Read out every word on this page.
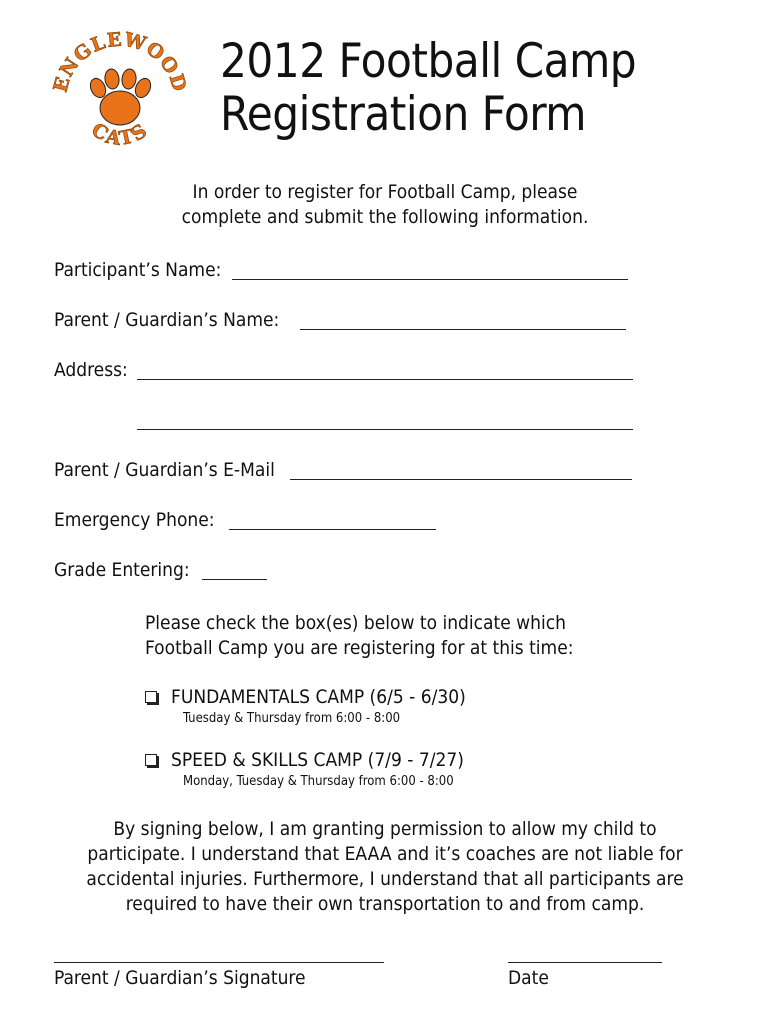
ENGLEWOOD
CATS
2012 Football Camp
Registration Form
In order to register for Football Camp, please
complete and submit the following information.
Participant’s Name:
Parent / Guardian’s Name:
Address:
Parent / Guardian’s E-Mail
Emergency Phone:
Grade Entering:
Please check the box(es) below to indicate which
Football Camp you are registering for at this time:
FUNDAMENTALS CAMP (6/5 - 6/30)
Tuesday & Thursday from 6:00 - 8:00
SPEED & SKILLS CAMP (7/9 - 7/27)
Monday, Tuesday & Thursday from 6:00 - 8:00
By signing below, I am granting permission to allow my child to
participate. I understand that EAAA and it’s coaches are not liable for
accidental injuries. Furthermore, I understand that all participants are
required to have their own transportation to and from camp.
Parent / Guardian’s Signature	Date
